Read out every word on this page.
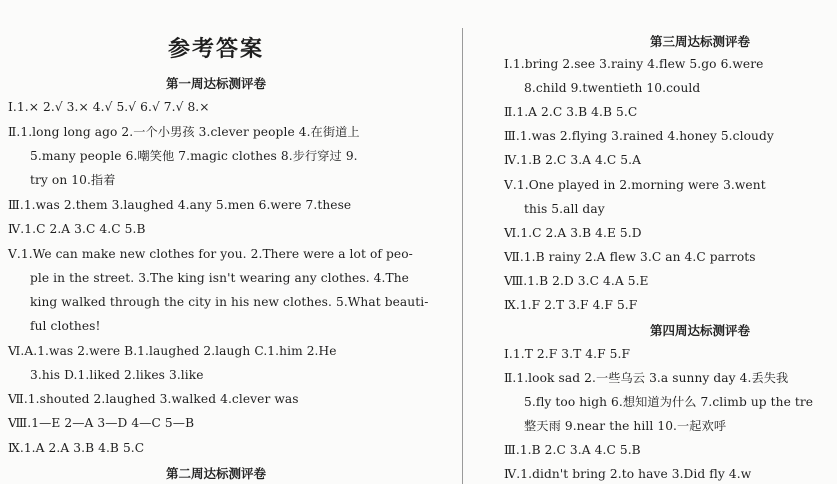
参考答案
第一周达标测评卷
Ⅰ.1.× 2.√ 3.× 4.√ 5.√ 6.√ 7.√ 8.×
Ⅱ.1.long long ago 2.一个小男孩 3.clever people 4.在街道上
5.many people 6.嘲笑他 7.magic clothes 8.步行穿过 9.
try on 10.指着
Ⅲ.1.was 2.them 3.laughed 4.any 5.men 6.were 7.these
Ⅳ.1.C 2.A 3.C 4.C 5.B
Ⅴ.1.We can make new clothes for you. 2.There were a lot of peo-
ple in the street. 3.The king isn't wearing any clothes. 4.The
king walked through the city in his new clothes. 5.What beauti-
ful clothes!
Ⅵ.A.1.was 2.were B.1.laughed 2.laugh C.1.him 2.He
3.his D.1.liked 2.likes 3.like
Ⅶ.1.shouted 2.laughed 3.walked 4.clever was
Ⅷ.1—E 2—A 3—D 4—C 5—B
Ⅸ.1.A 2.A 3.B 4.B 5.C
第二周达标测评卷
第三周达标测评卷
Ⅰ.1.bring 2.see 3.rainy 4.flew 5.go 6.were
8.child 9.twentieth 10.could
Ⅱ.1.A 2.C 3.B 4.B 5.C
Ⅲ.1.was 2.flying 3.rained 4.honey 5.cloudy
Ⅳ.1.B 2.C 3.A 4.C 5.A
Ⅴ.1.One played in 2.morning were 3.went
this 5.all day
Ⅵ.1.C 2.A 3.B 4.E 5.D
Ⅶ.1.B rainy 2.A flew 3.C an 4.C parrots
Ⅷ.1.B 2.D 3.C 4.A 5.E
Ⅸ.1.F 2.T 3.F 4.F 5.F
第四周达标测评卷
Ⅰ.1.T 2.F 3.T 4.F 5.F
Ⅱ.1.look sad 2.一些乌云 3.a sunny day 4.丢失我
5.fly too high 6.想知道为什么 7.climb up the tre
整天雨 9.near the hill 10.一起欢呼
Ⅲ.1.B 2.C 3.A 4.C 5.B
Ⅳ.1.didn't bring 2.to have 3.Did fly 4.w
